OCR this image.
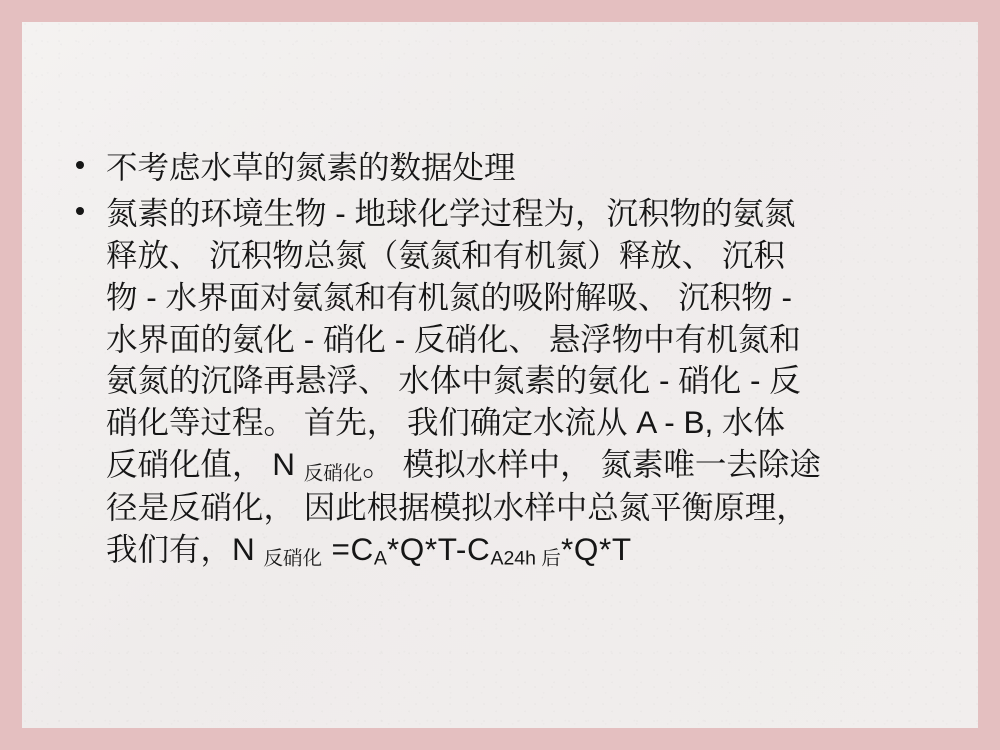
不考虑水草的氮素的数据处理
氮素的环境生物 - 地球化学过程为，沉积物的氨氮
释放、 沉积物总氮（氨氮和有机氮）释放、 沉积
物 - 水界面对氨氮和有机氮的吸附解吸、 沉积物 -
水界面的氨化 - 硝化 - 反硝化、 悬浮物中有机氮和
氨氮的沉降再悬浮、 水体中氮素的氨化 - 硝化 - 反
硝化等过程。 首先， 我们确定水流从 A - B, 水体
反硝化值， N $_{反硝化}$。 模拟水样中， 氮素唯一去除途
径是反硝化， 因此根据模拟水样中总氮平衡原理，
我们有，N $_{反硝化} =C_A*Q*T-C_{A24h 后}*Q*T$
